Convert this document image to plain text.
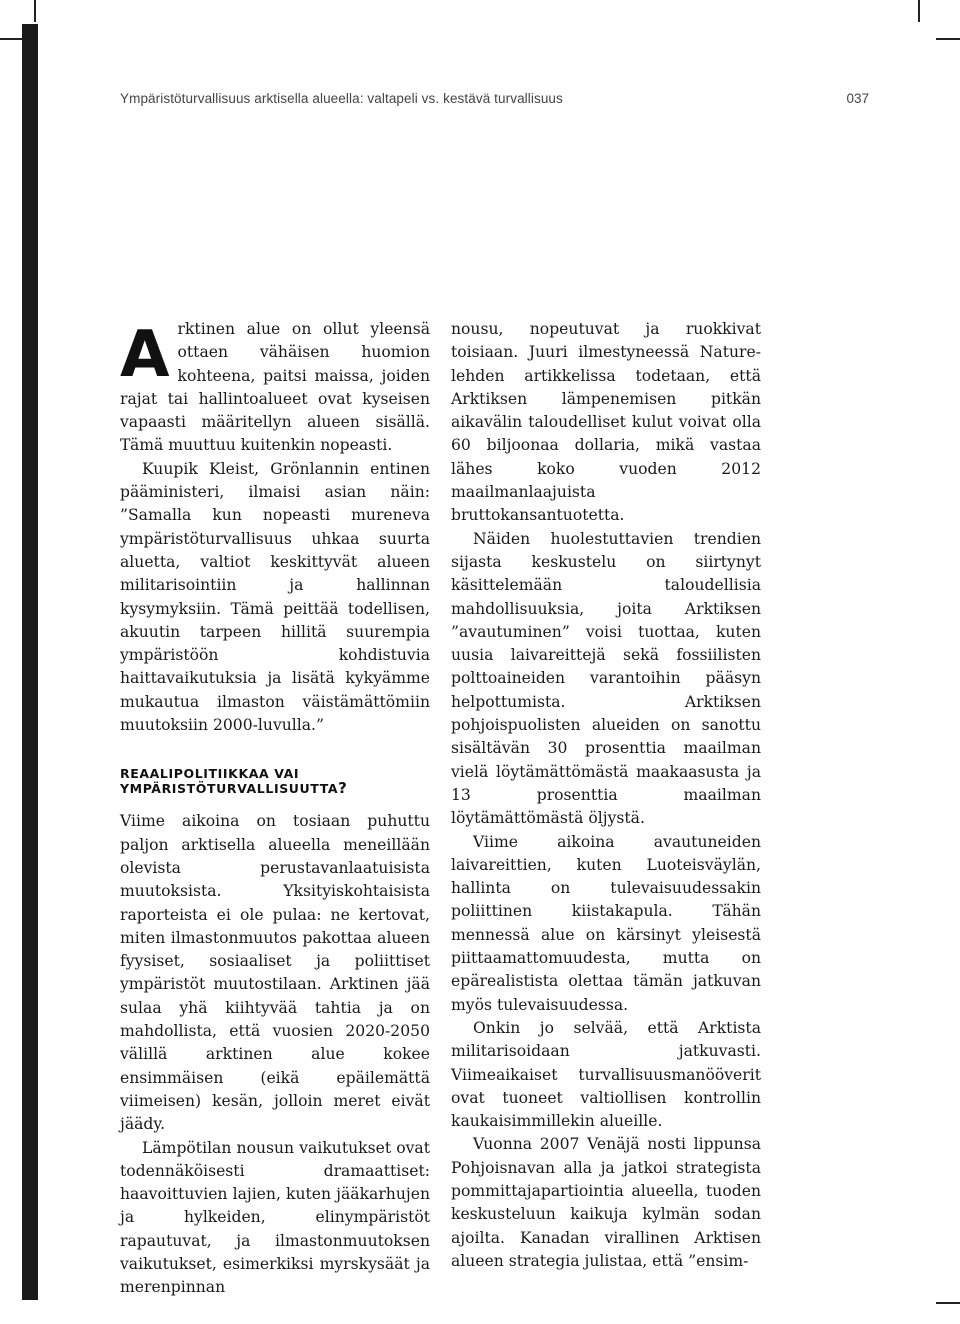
Ympäristöturvallisuus arktisella alueella: valtapeli vs. kestävä turvallisuus	037

Arktinen alue on ollut yleensä ottaen vähäisen huomion kohteena, paitsi maissa, joiden rajat tai hallintoalueet ovat kyseisen vapaasti määritellyn alueen sisällä. Tämä muuttuu kuitenkin nopeasti.

Kuupik Kleist, Grönlannin entinen pääministeri, ilmaisi asian näin: ”Samalla kun nopeasti mureneva ympäristöturvallisuus uhkaa suurta aluetta, valtiot keskittyvät alueen militarisointiin ja hallinnan kysymyksiin. Tämä peittää todellisen, akuutin tarpeen hillitä suurempia ympäristöön kohdistuvia haittavaikutuksia ja lisätä kykyämme mukautua ilmaston väistämättömiin muutoksiin 2000-luvulla.”

REAALIPOLITIIKKAA VAI YMPÄRISTÖTURVALLISUUTTA?

Viime aikoina on tosiaan puhuttu paljon arktisella alueella meneillään olevista perustavanlaatuisista muutoksista. Yksityiskohtaisista raporteista ei ole pulaa: ne kertovat, miten ilmastonmuutos pakottaa alueen fyysiset, sosiaaliset ja poliittiset ympäristöt muutostilaan. Arktinen jää sulaa yhä kiihtyvää tahtia ja on mahdollista, että vuosien 2020-2050 välillä arktinen alue kokee ensimmäisen (eikä epäilemättä viimeisen) kesän, jolloin meret eivät jäädy.

Lämpötilan nousun vaikutukset ovat todennäköisesti dramaattiset: haavoittuvien lajien, kuten jääkarhujen ja hylkeiden, elinympäristöt rapautuvat, ja ilmastonmuutoksen vaikutukset, esimerkiksi myrskysäät ja merenpinnan

nousu, nopeutuvat ja ruokkivat toisiaan. Juuri ilmestyneessä Nature-lehden artikkelissa todetaan, että Arktiksen lämpenemisen pitkän aikavälin taloudelliset kulut voivat olla 60 biljoonaa dollaria, mikä vastaa lähes koko vuoden 2012 maailmanlaajuista bruttokansantuotetta.

Näiden huolestuttavien trendien sijasta keskustelu on siirtynyt käsittelemään taloudellisia mahdollisuuksia, joita Arktiksen ”avautuminen” voisi tuottaa, kuten uusia laivareittejä sekä fossiilisten polttoaineiden varantoihin pääsyn helpottumista. Arktiksen pohjoispuolisten alueiden on sanottu sisältävän 30 prosenttia maailman vielä löytämättömästä maakaasusta ja 13 prosenttia maailman löytämättömästä öljystä.

Viime aikoina avautuneiden laivareittien, kuten Luoteisväylän, hallinta on tulevaisuudessakin poliittinen kiistakapula. Tähän mennessä alue on kärsinyt yleisestä piittaamattomuudesta, mutta on epärealistista olettaa tämän jatkuvan myös tulevaisuudessa.

Onkin jo selvää, että Arktista militarisoidaan jatkuvasti. Viimeaikaiset turvallisuusmanööverit ovat tuoneet valtiollisen kontrollin kaukaisimmillekin alueille.

Vuonna 2007 Venäjä nosti lippunsa Pohjoisnavan alla ja jatkoi strategista pommittajapartiointia alueella, tuoden keskusteluun kaikuja kylmän sodan ajoilta. Kanadan virallinen Arktisen alueen strategia julistaa, että ”ensim-
